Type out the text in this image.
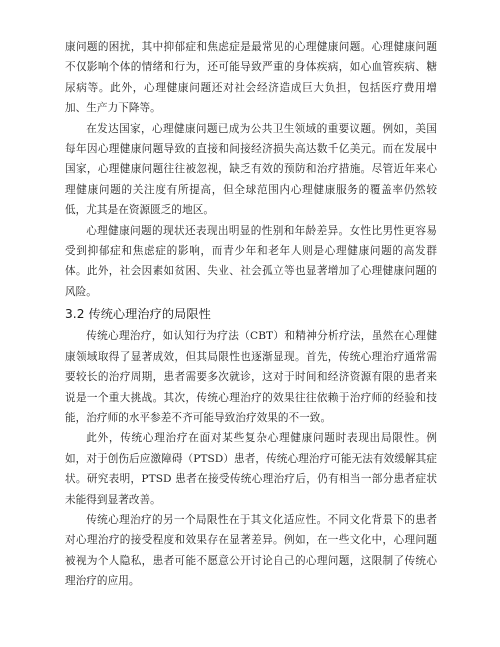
康问题的困扰，其中抑郁症和焦虑症是最常见的心理健康问题。心理健康问题不仅影响个体的情绪和行为，还可能导致严重的身体疾病，如心血管疾病、糖尿病等。此外，心理健康问题还对社会经济造成巨大负担，包括医疗费用增加、生产力下降等。

在发达国家，心理健康问题已成为公共卫生领域的重要议题。例如，美国每年因心理健康问题导致的直接和间接经济损失高达数千亿美元。而在发展中国家，心理健康问题往往被忽视，缺乏有效的预防和治疗措施。尽管近年来心理健康问题的关注度有所提高，但全球范围内心理健康服务的覆盖率仍然较低，尤其是在资源匮乏的地区。

心理健康问题的现状还表现出明显的性别和年龄差异。女性比男性更容易受到抑郁症和焦虑症的影响，而青少年和老年人则是心理健康问题的高发群体。此外，社会因素如贫困、失业、社会孤立等也显著增加了心理健康问题的风险。

3.2 传统心理治疗的局限性

传统心理治疗，如认知行为疗法（CBT）和精神分析疗法，虽然在心理健康领域取得了显著成效，但其局限性也逐渐显现。首先，传统心理治疗通常需要较长的治疗周期，患者需要多次就诊，这对于时间和经济资源有限的患者来说是一个重大挑战。其次，传统心理治疗的效果往往依赖于治疗师的经验和技能，治疗师的水平参差不齐可能导致治疗效果的不一致。

此外，传统心理治疗在面对某些复杂心理健康问题时表现出局限性。例如，对于创伤后应激障碍（PTSD）患者，传统心理治疗可能无法有效缓解其症状。研究表明，PTSD 患者在接受传统心理治疗后，仍有相当一部分患者症状未能得到显著改善。

传统心理治疗的另一个局限性在于其文化适应性。不同文化背景下的患者对心理治疗的接受程度和效果存在显著差异。例如，在一些文化中，心理问题被视为个人隐私，患者可能不愿意公开讨论自己的心理问题，这限制了传统心理治疗的应用。
